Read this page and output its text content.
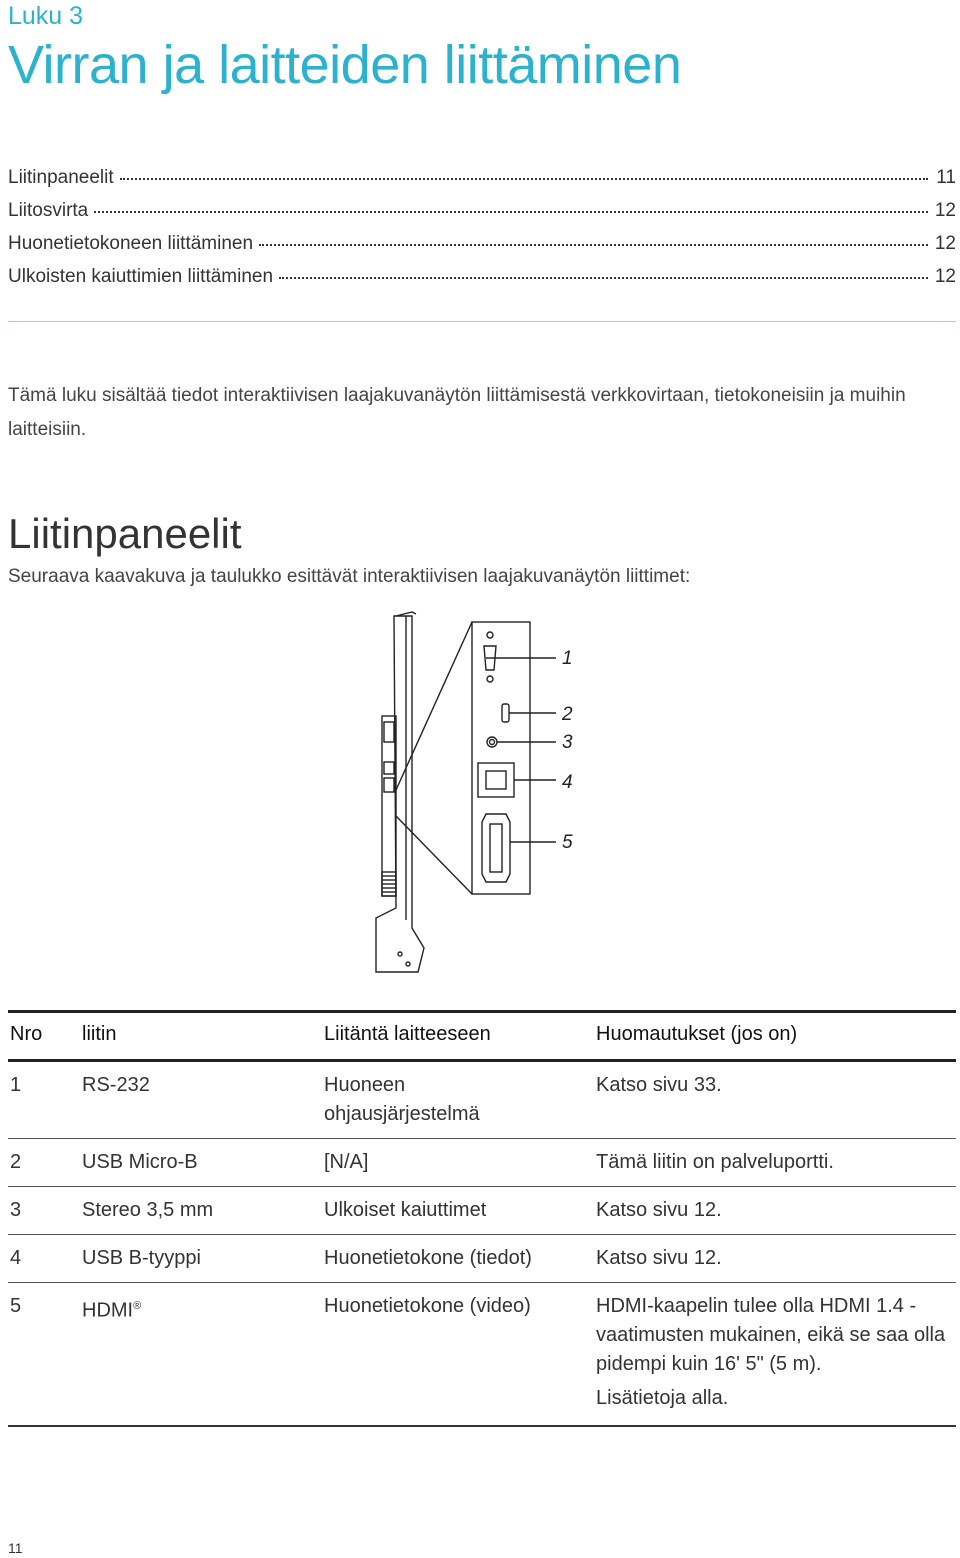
Luku 3
Virran ja laitteiden liittäminen
Liitinpaneelit	11
Liitosvirta	12
Huonetietokoneen liittäminen	12
Ulkoisten kaiuttimien liittäminen	12

Tämä luku sisältää tiedot interaktiivisen laajakuvanäytön liittämisestä verkkovirtaan, tietokoneisiin ja muihin laitteisiin.

Liitinpaneelit
Seuraava kaavakuva ja taulukko esittävät interaktiivisen laajakuvanäytön liittimet:
1
2
3
4
5
Nro	liitin	Liitäntä laitteeseen	Huomautukset (jos on)
1	RS-232	Huoneen ohjausjärjestelmä	Katso sivu 33.
2	USB Micro-B	[N/A]	Tämä liitin on palveluportti.
3	Stereo 3,5 mm	Ulkoiset kaiuttimet	Katso sivu 12.
4	USB B-tyyppi	Huonetietokone (tiedot)	Katso sivu 12.
5	HDMI®	Huonetietokone (video)	HDMI-kaapelin tulee olla HDMI 1.4 -vaatimusten mukainen, eikä se saa olla pidempi kuin 16' 5" (5 m).
Lisätietoja alla.
11
